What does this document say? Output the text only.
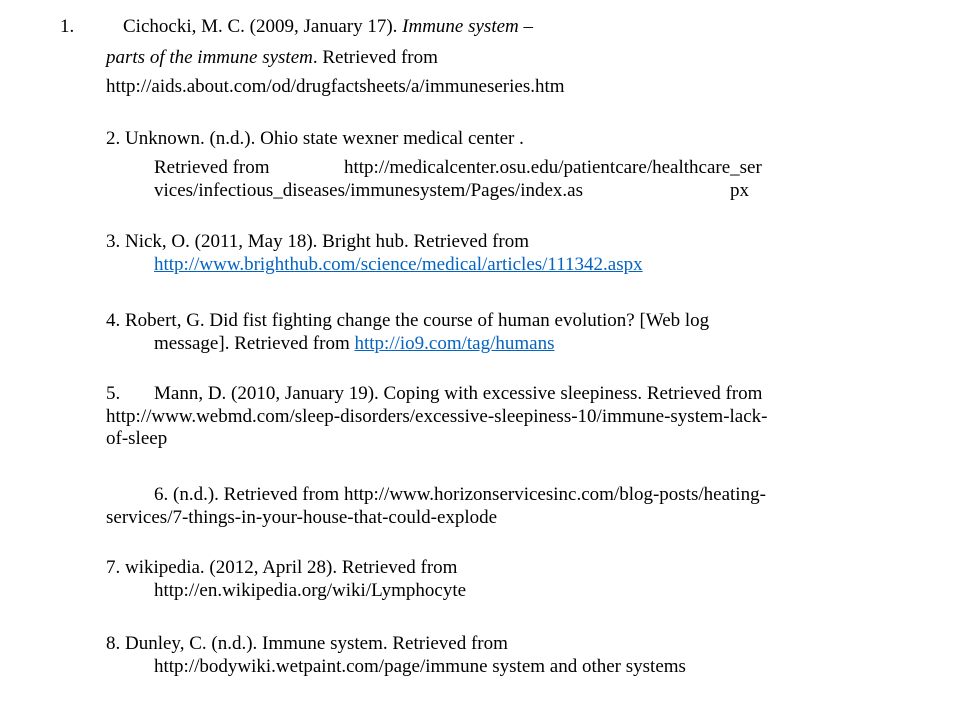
1.	Cichocki, M. C. (2009, January 17). Immune system –
parts of the immune system. Retrieved from
http://aids.about.com/od/drugfactsheets/a/immuneseries.htm
2. Unknown. (n.d.). Ohio state wexner medical center .
Retrieved from	http://medicalcenter.osu.edu/patientcare/healthcare_ser
vices/infectious_diseases/immunesystem/Pages/index.as	px
3. Nick, O. (2011, May 18). Bright hub. Retrieved from
http://www.brighthub.com/science/medical/articles/111342.aspx
4. Robert, G. Did fist fighting change the course of human evolution? [Web log
message]. Retrieved from http://io9.com/tag/humans
5. Mann, D. (2010, January 19). Coping with excessive sleepiness. Retrieved from
http://www.webmd.com/sleep-disorders/excessive-sleepiness-10/immune-system-lack-
of-sleep
6. (n.d.). Retrieved from http://www.horizonservicesinc.com/blog-posts/heating-
services/7-things-in-your-house-that-could-explode
7. wikipedia. (2012, April 28). Retrieved from
http://en.wikipedia.org/wiki/Lymphocyte
8. Dunley, C. (n.d.). Immune system. Retrieved from
http://bodywiki.wetpaint.com/page/immune system and other systems
